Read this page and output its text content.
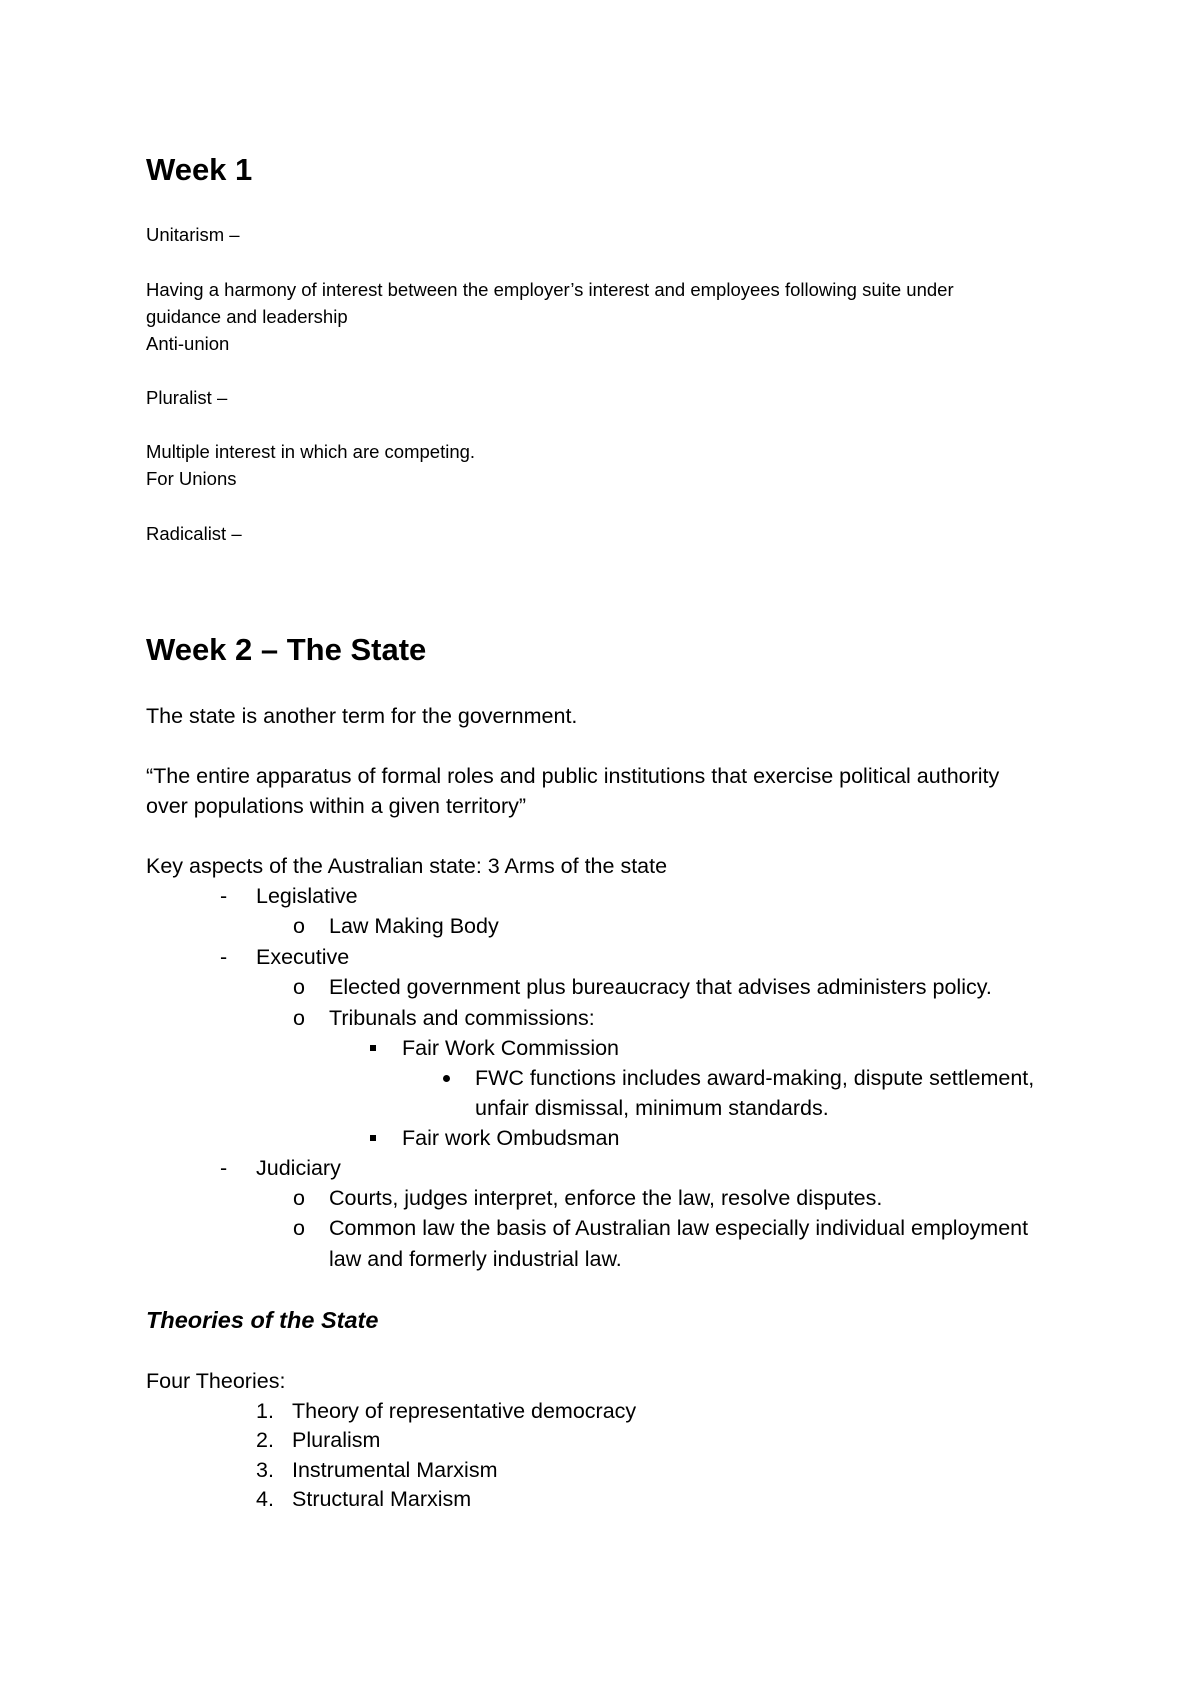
Week 1

Unitarism –

Having a harmony of interest between the employer’s interest and employees following suite under

guidance and leadership

Anti-union

Pluralist –

Multiple interest in which are competing.

For Unions

Radicalist –

Week 2 – The State

The state is another term for the government.

“The entire apparatus of formal roles and public institutions that exercise political authority

over populations within a given territory”

Key aspects of the Australian state: 3 Arms of the state

- Legislative

o Law Making Body

- Executive

o Elected government plus bureaucracy that advises administers policy.

o Tribunals and commissions:

Fair Work Commission

FWC functions includes award-making, dispute settlement,

unfair dismissal, minimum standards.

Fair work Ombudsman

- Judiciary

o Courts, judges interpret, enforce the law, resolve disputes.

o Common law the basis of Australian law especially individual employment

law and formerly industrial law.

Theories of the State

Four Theories:

1. Theory of representative democracy

2. Pluralism

3. Instrumental Marxism

4. Structural Marxism
